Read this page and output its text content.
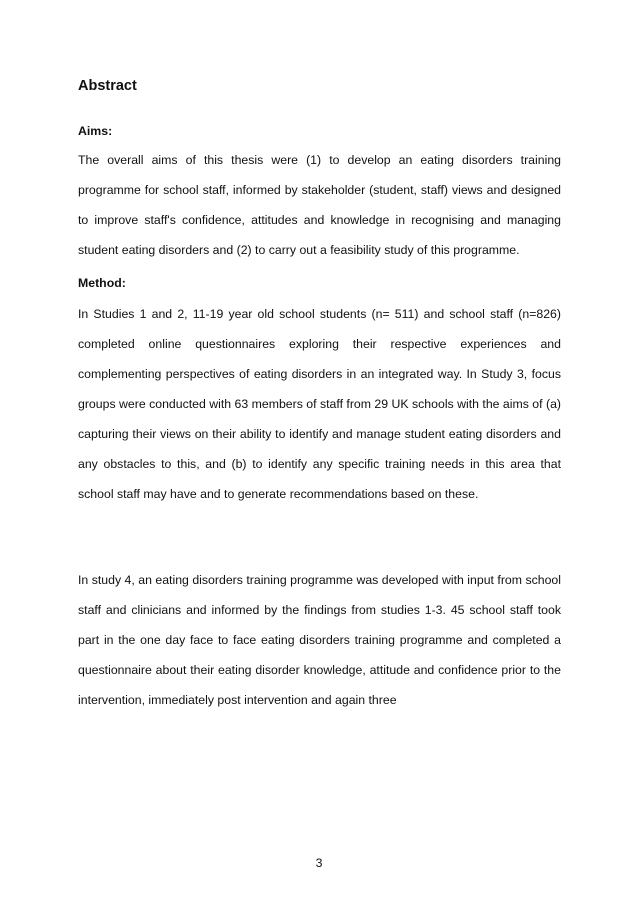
Abstract
Aims:

The overall aims of this thesis were (1) to develop an eating disorders training programme for school staff, informed by stakeholder (student, staff) views and designed to improve staff's confidence, attitudes and knowledge in recognising and managing student eating disorders and (2) to carry out a feasibility study of this programme.

Method:

In Studies 1 and 2, 11-19 year old school students (n= 511) and school staff (n=826) completed online questionnaires exploring their respective experiences and complementing perspectives of eating disorders in an integrated way. In Study 3, focus groups were conducted with 63 members of staff from 29 UK schools with the aims of (a) capturing their views on their ability to identify and manage student eating disorders and any obstacles to this, and (b) to identify any specific training needs in this area that school staff may have and to generate recommendations based on these.

In study 4, an eating disorders training programme was developed with input from school staff and clinicians and informed by the findings from studies 1-3. 45 school staff took part in the one day face to face eating disorders training programme and completed a questionnaire about their eating disorder knowledge, attitude and confidence prior to the intervention, immediately post intervention and again three

3
